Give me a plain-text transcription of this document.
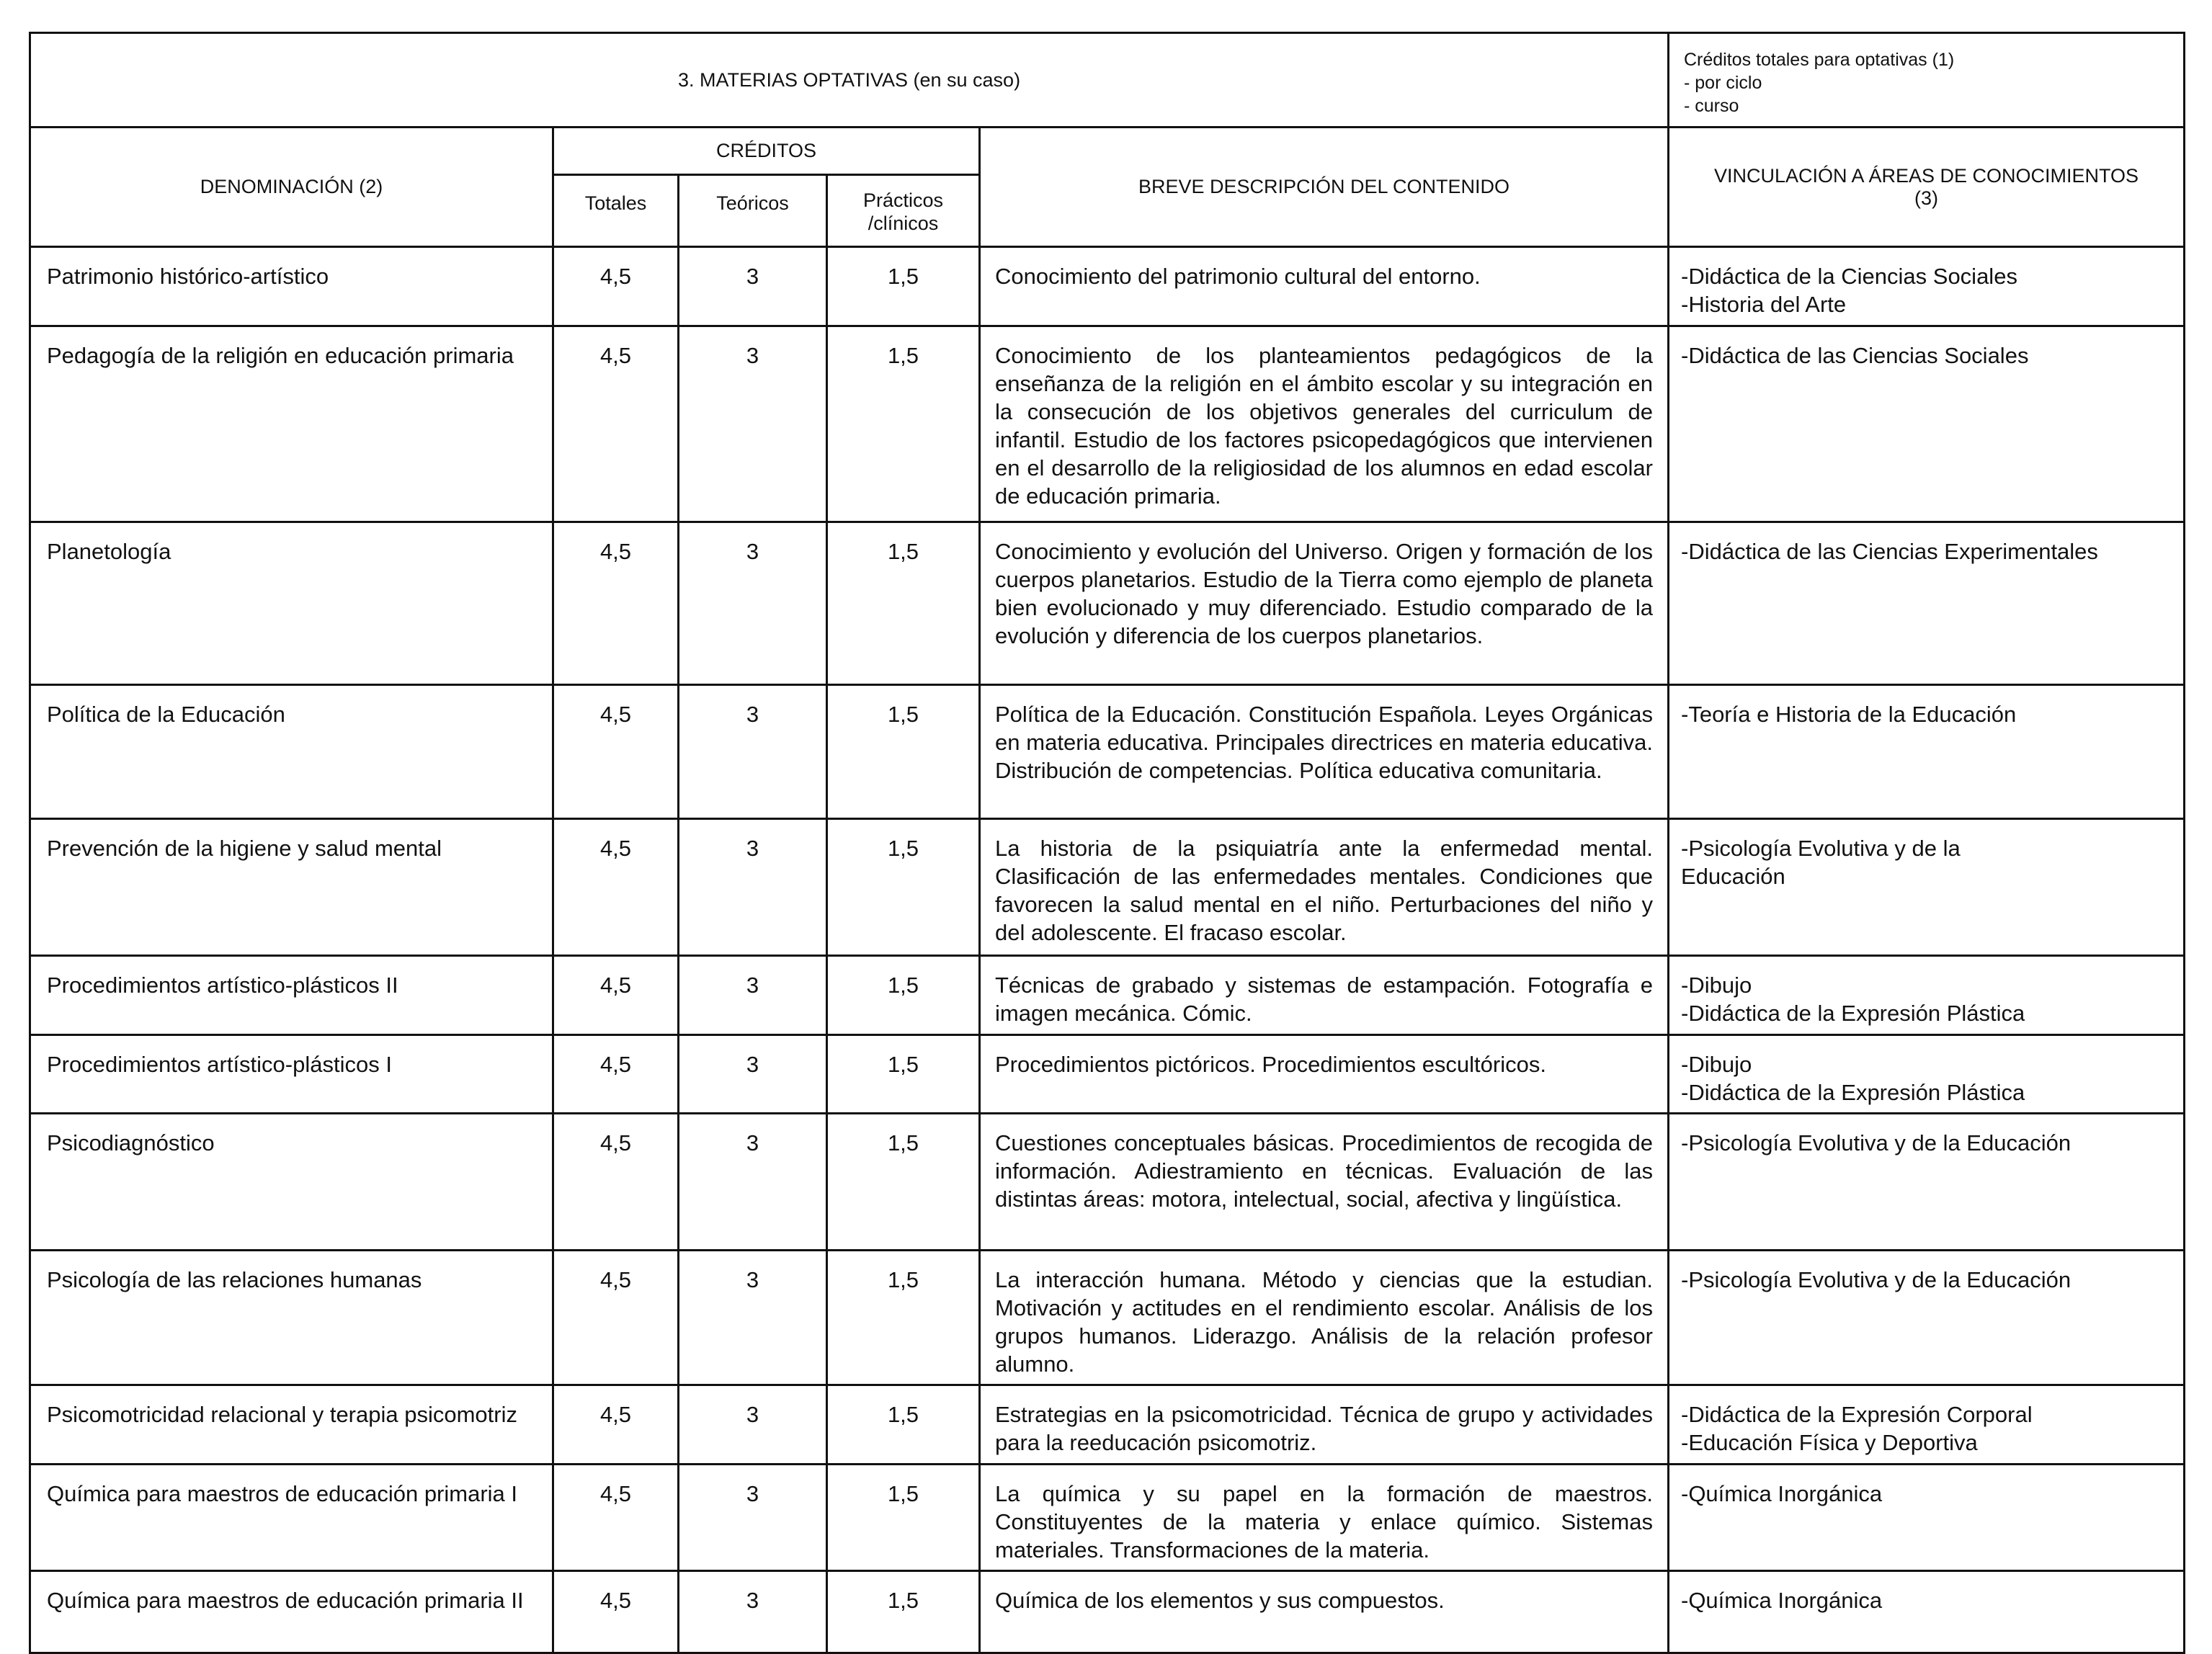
3. MATERIAS OPTATIVAS (en su caso)					Créditos totales para optativas (1)
- por ciclo
- curso

DENOMINACIÓN (2)	CRÉDITOS			BREVE DESCRIPCIÓN DEL CONTENIDO	VINCULACIÓN A ÁREAS DE CONOCIMIENTOS
(3)

	Totales	Teóricos	Prácticos
/clínicos		

Patrimonio histórico-artístico	4,5	3	1,5	Conocimiento del patrimonio cultural del entorno.	-Didáctica de la Ciencias Sociales
-Historia del Arte

Pedagogía de la religión en educación primaria	4,5	3	1,5	Conocimiento de los planteamientos pedagógicos de la enseñanza de la religión en el ámbito escolar y su integración en la consecución de los objetivos generales del curriculum de infantil. Estudio de los factores psicopedagógicos que intervienen en el desarrollo de la religiosidad de los alumnos en edad escolar de educación primaria.	-Didáctica de las Ciencias Sociales

Planetología	4,5	3	1,5	Conocimiento y evolución del Universo. Origen y formación de los cuerpos planetarios. Estudio de la Tierra como ejemplo de planeta bien evolucionado y muy diferenciado. Estudio comparado de la evolución y diferencia de los cuerpos planetarios.	-Didáctica de las Ciencias Experimentales

Política de la Educación	4,5	3	1,5	Política de la Educación. Constitución Española. Leyes Orgánicas en materia educativa. Principales directrices en materia educativa. Distribución de competencias. Política educativa comunitaria.	-Teoría e Historia de la Educación

Prevención de la higiene y salud mental	4,5	3	1,5	La historia de la psiquiatría ante la enfermedad mental. Clasificación de las enfermedades mentales. Condiciones que favorecen la salud mental en el niño. Perturbaciones del niño y del adolescente. El fracaso escolar.	-Psicología Evolutiva y de la
Educación

Procedimientos artístico-plásticos II	4,5	3	1,5	Técnicas de grabado y sistemas de estampación. Fotografía e imagen mecánica. Cómic.	-Dibujo
-Didáctica de la Expresión Plástica

Procedimientos artístico-plásticos I	4,5	3	1,5	Procedimientos pictóricos. Procedimientos escultóricos.	-Dibujo
-Didáctica de la Expresión Plástica

Psicodiagnóstico	4,5	3	1,5	Cuestiones conceptuales básicas. Procedimientos de recogida de información. Adiestramiento en técnicas. Evaluación de las distintas áreas: motora, intelectual, social, afectiva y lingüística.	-Psicología Evolutiva y de la Educación

Psicología de las relaciones humanas	4,5	3	1,5	La interacción humana. Método y ciencias que la estudian. Motivación y actitudes en el rendimiento escolar. Análisis de los grupos humanos. Liderazgo. Análisis de la relación profesor alumno.	-Psicología Evolutiva y de la Educación

Psicomotricidad relacional y terapia psicomotriz	4,5	3	1,5	Estrategias en la psicomotricidad. Técnica de grupo y actividades para la reeducación psicomotriz.	-Didáctica de la Expresión Corporal
-Educación Física y Deportiva

Química para maestros de educación primaria I	4,5	3	1,5	La química y su papel en la formación de maestros. Constituyentes de la materia y enlace químico. Sistemas materiales. Transformaciones de la materia.	-Química Inorgánica

Química para maestros de educación primaria II	4,5	3	1,5	Química de los elementos y sus compuestos.	-Química Inorgánica
